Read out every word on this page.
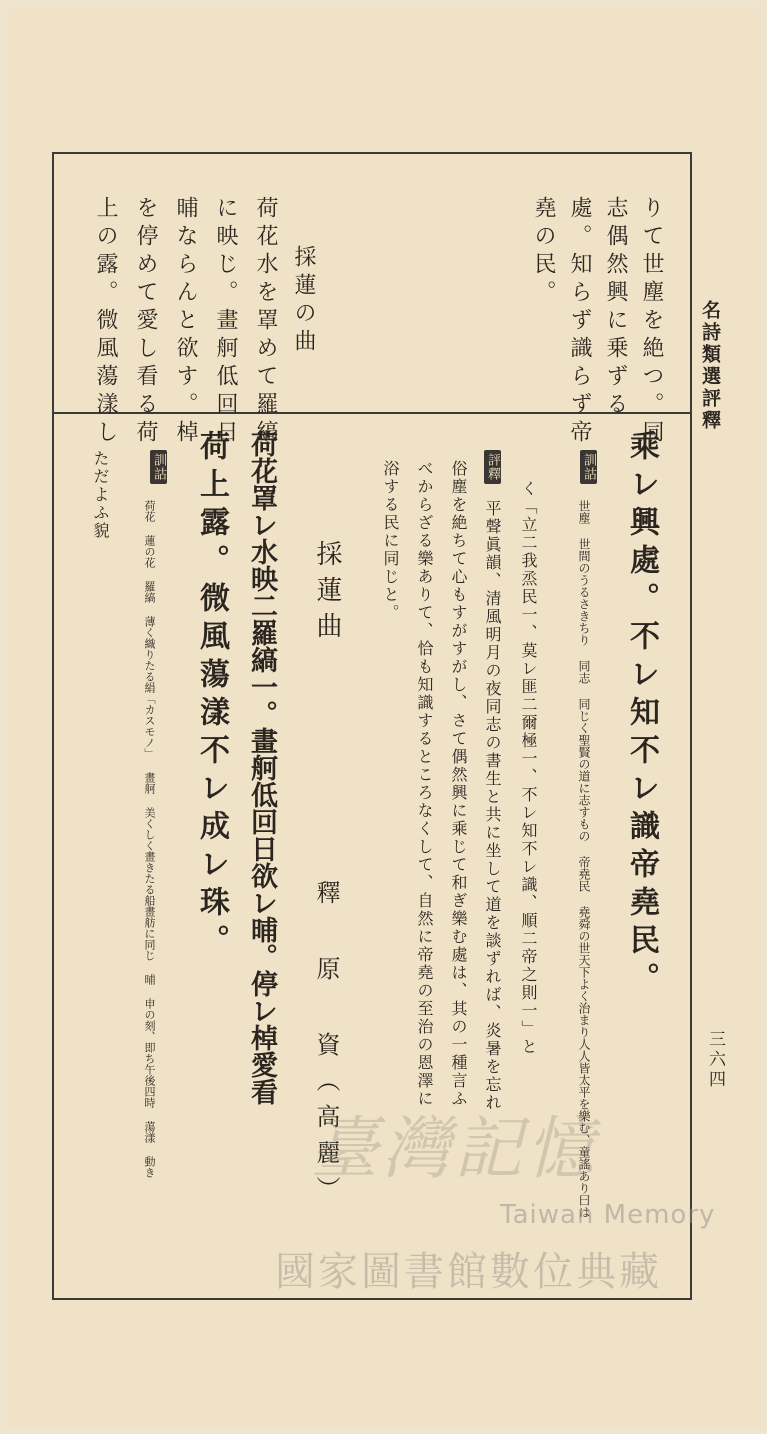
名詩類選評釋
三六四
りて世塵を絶つ。同
志偶然興に乗ずる
處。知らず識らず帝
堯の民。
採蓮の曲
荷花水を罩めて羅縞
に映じ。畫舸低回日
晡ならんと欲す。棹
を停めて愛し看る荷
上の露。微風蕩漾し
乘レ興處。不レ知不レ識帝堯民。
訓詁
世塵 世間のうるさきちり 同志 同じく聖賢の道に志すもの 帝堯民 堯舜の世天下よく治まり人人皆太平を樂む、童謠あり曰は
く「立二我烝民一、莫レ匪二爾極一、不レ知不レ識、順二帝之則一」と
評釋
平聲眞韻、清風明月の夜同志の書生と共に坐して道を談ずれば、炎暑を忘れ
俗塵を絶ちて心もすがすがし、さて偶然興に乘じて和ぎ樂む處は、其の一種言ふ
べからざる樂ありて、恰も知識するところなくして、自然に帝堯の至治の恩澤に
浴する民に同じと。
採蓮曲
釋 原 資（高麗）
荷花罩レ水映二羅縞一。畫舸低回日欲レ晡。停レ棹愛看
荷上露。微風蕩漾不レ成レ珠。
訓詁
荷花 蓮の花 羅縞 薄く織りたる絹「カスモノ」 畫舸 美くしく畫きたる船畫舫に同じ 晡 申の刻、即ち午後四時 蕩漾 動き
ただよふ貌
臺灣記憶
Taiwan Memory
國家圖書館數位典藏
